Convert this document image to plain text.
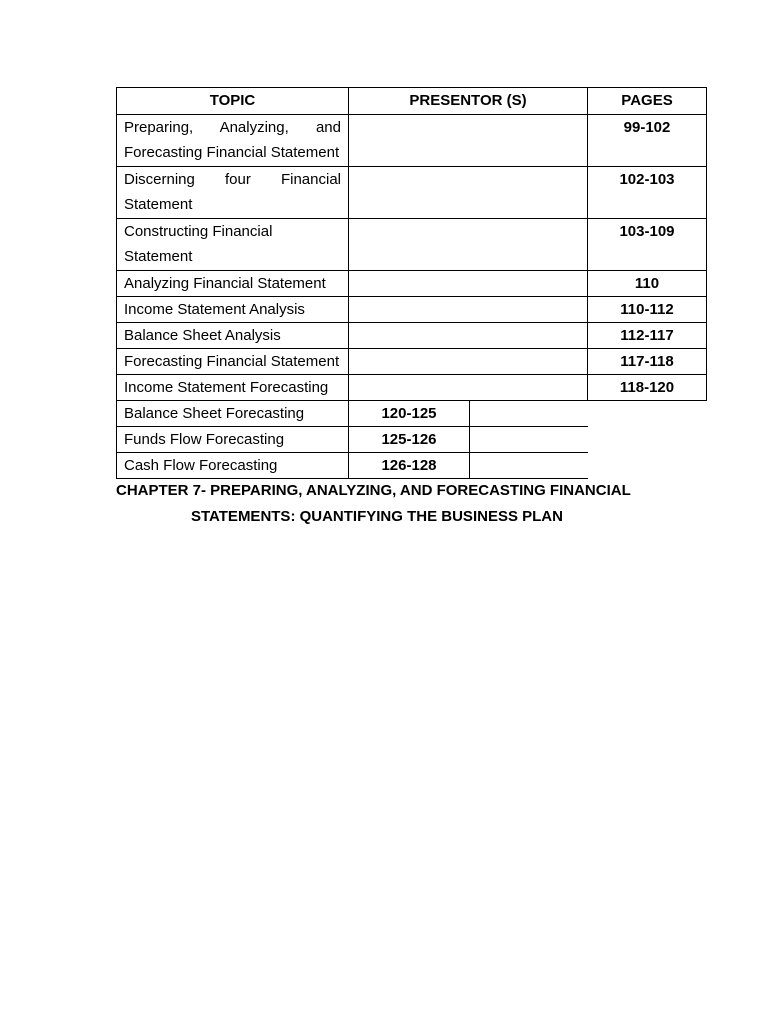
TOPIC	PRESENTOR (S)	PAGES
Preparing, Analyzing, and Forecasting Financial Statement		99-102
Discerning four Financial Statement		102-103
Constructing Financial Statement		103-109
Analyzing Financial Statement		110
Income Statement Analysis		110-112
Balance Sheet Analysis		112-117
Forecasting Financial Statement		117-118
Income Statement Forecasting		118-120
Balance Sheet Forecasting	120-125	

Funds Flow Forecasting	125-126	

Cash Flow Forecasting	126-128	

CHAPTER 7- PREPARING, ANALYZING, AND FORECASTING FINANCIAL
STATEMENTS: QUANTIFYING THE BUSINESS PLAN
